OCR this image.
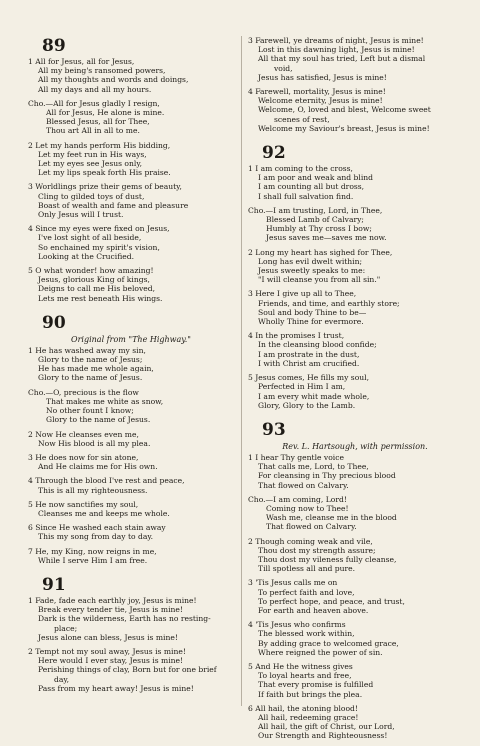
89
1 All for Jesus, all for Jesus,
All my being's ransomed powers,
All my thoughts and words and doings,
All my days and all my hours.
Cho.—All for Jesus gladly I resign,
All for Jesus, He alone is mine.
Blessed Jesus, all for Thee,
Thou art All in all to me.
2 Let my hands perform His bidding,
Let my feet run in His ways,
Let my eyes see Jesus only,
Let my lips speak forth His praise.
3 Worldlings prize their gems of beauty,
Cling to gilded toys of dust,
Boast of wealth and fame and pleasure
Only Jesus will I trust.
4 Since my eyes were fixed on Jesus,
I've lost sight of all beside,
So enchained my spirit's vision,
Looking at the Crucified.
5 O what wonder! how amazing!
Jesus, glorious King of kings,
Deigns to call me His beloved,
Lets me rest beneath His wings.
90
Original from "The Highway."
1 He has washed away my sin,
Glory to the name of Jesus;
He has made me whole again,
Glory to the name of Jesus.
Cho.—O, precious is the flow
That makes me white as snow,
No other fount I know;
Glory to the name of Jesus.
2 Now He cleanses even me,
Now His blood is all my plea.
3 He does now for sin atone,
And He claims me for His own.
4 Through the blood I've rest and peace,
This is all my righteousness.
5 He now sanctifies my soul,
Cleanses me and keeps me whole.
6 Since He washed each stain away
This my song from day to day.
7 He, my King, now reigns in me,
While I serve Him I am free.
91
1 Fade, fade each earthly joy, Jesus is mine!
Break every tender tie, Jesus is mine!
Dark is the wilderness, Earth has no resting-
place;
Jesus alone can bless, Jesus is mine!
2 Tempt not my soul away, Jesus is mine!
Here would I ever stay, Jesus is mine!
Perishing things of clay, Born but for one brief
day,
Pass from my heart away! Jesus is mine!
3 Farewell, ye dreams of night, Jesus is mine!
Lost in this dawning light, Jesus is mine!
All that my soul has tried, Left but a dismal
void,
Jesus has satisfied, Jesus is mine!
4 Farewell, mortality, Jesus is mine!
Welcome eternity, Jesus is mine!
Welcome, O, loved and blest, Welcome sweet
scenes of rest,
Welcome my Saviour's breast, Jesus is mine!
92
1 I am coming to the cross,
I am poor and weak and blind
I am counting all but dross,
I shall full salvation find.
Cho.—I am trusting, Lord, in Thee,
Blessed Lamb of Calvary;
Humbly at Thy cross I bow;
Jesus saves me—saves me now.
2 Long my heart has sighed for Thee,
Long has evil dwelt within;
Jesus sweetly speaks to me:
"I will cleanse you from all sin."
3 Here I give up all to Thee,
Friends, and time, and earthly store;
Soul and body Thine to be—
Wholly Thine for evermore.
4 In the promises I trust,
In the cleansing blood confide;
I am prostrate in the dust,
I with Christ am crucified.
5 Jesus comes, He fills my soul,
Perfected in Him I am,
I am every whit made whole,
Glory, Glory to the Lamb.
93
Rev. L. Hartsough, with permission.
1 I hear Thy gentle voice
That calls me, Lord, to Thee,
For cleansing in Thy precious blood
That flowed on Calvary.
Cho.—I am coming, Lord!
Coming now to Thee!
Wash me, cleanse me in the blood
That flowed on Calvary.
2 Though coming weak and vile,
Thou dost my strength assure;
Thou dost my vileness fully cleanse,
Till spotless all and pure.
3 'Tis Jesus calls me on
To perfect faith and love,
To perfect hope, and peace, and trust,
For earth and heaven above.
4 'Tis Jesus who confirms
The blessed work within,
By adding grace to welcomed grace,
Where reigned the power of sin.
5 And He the witness gives
To loyal hearts and free,
That every promise is fulfilled
If faith but brings the plea.
6 All hail, the atoning blood!
All hail, redeeming grace!
All hail, the gift of Christ, our Lord,
Our Strength and Righteousness!
